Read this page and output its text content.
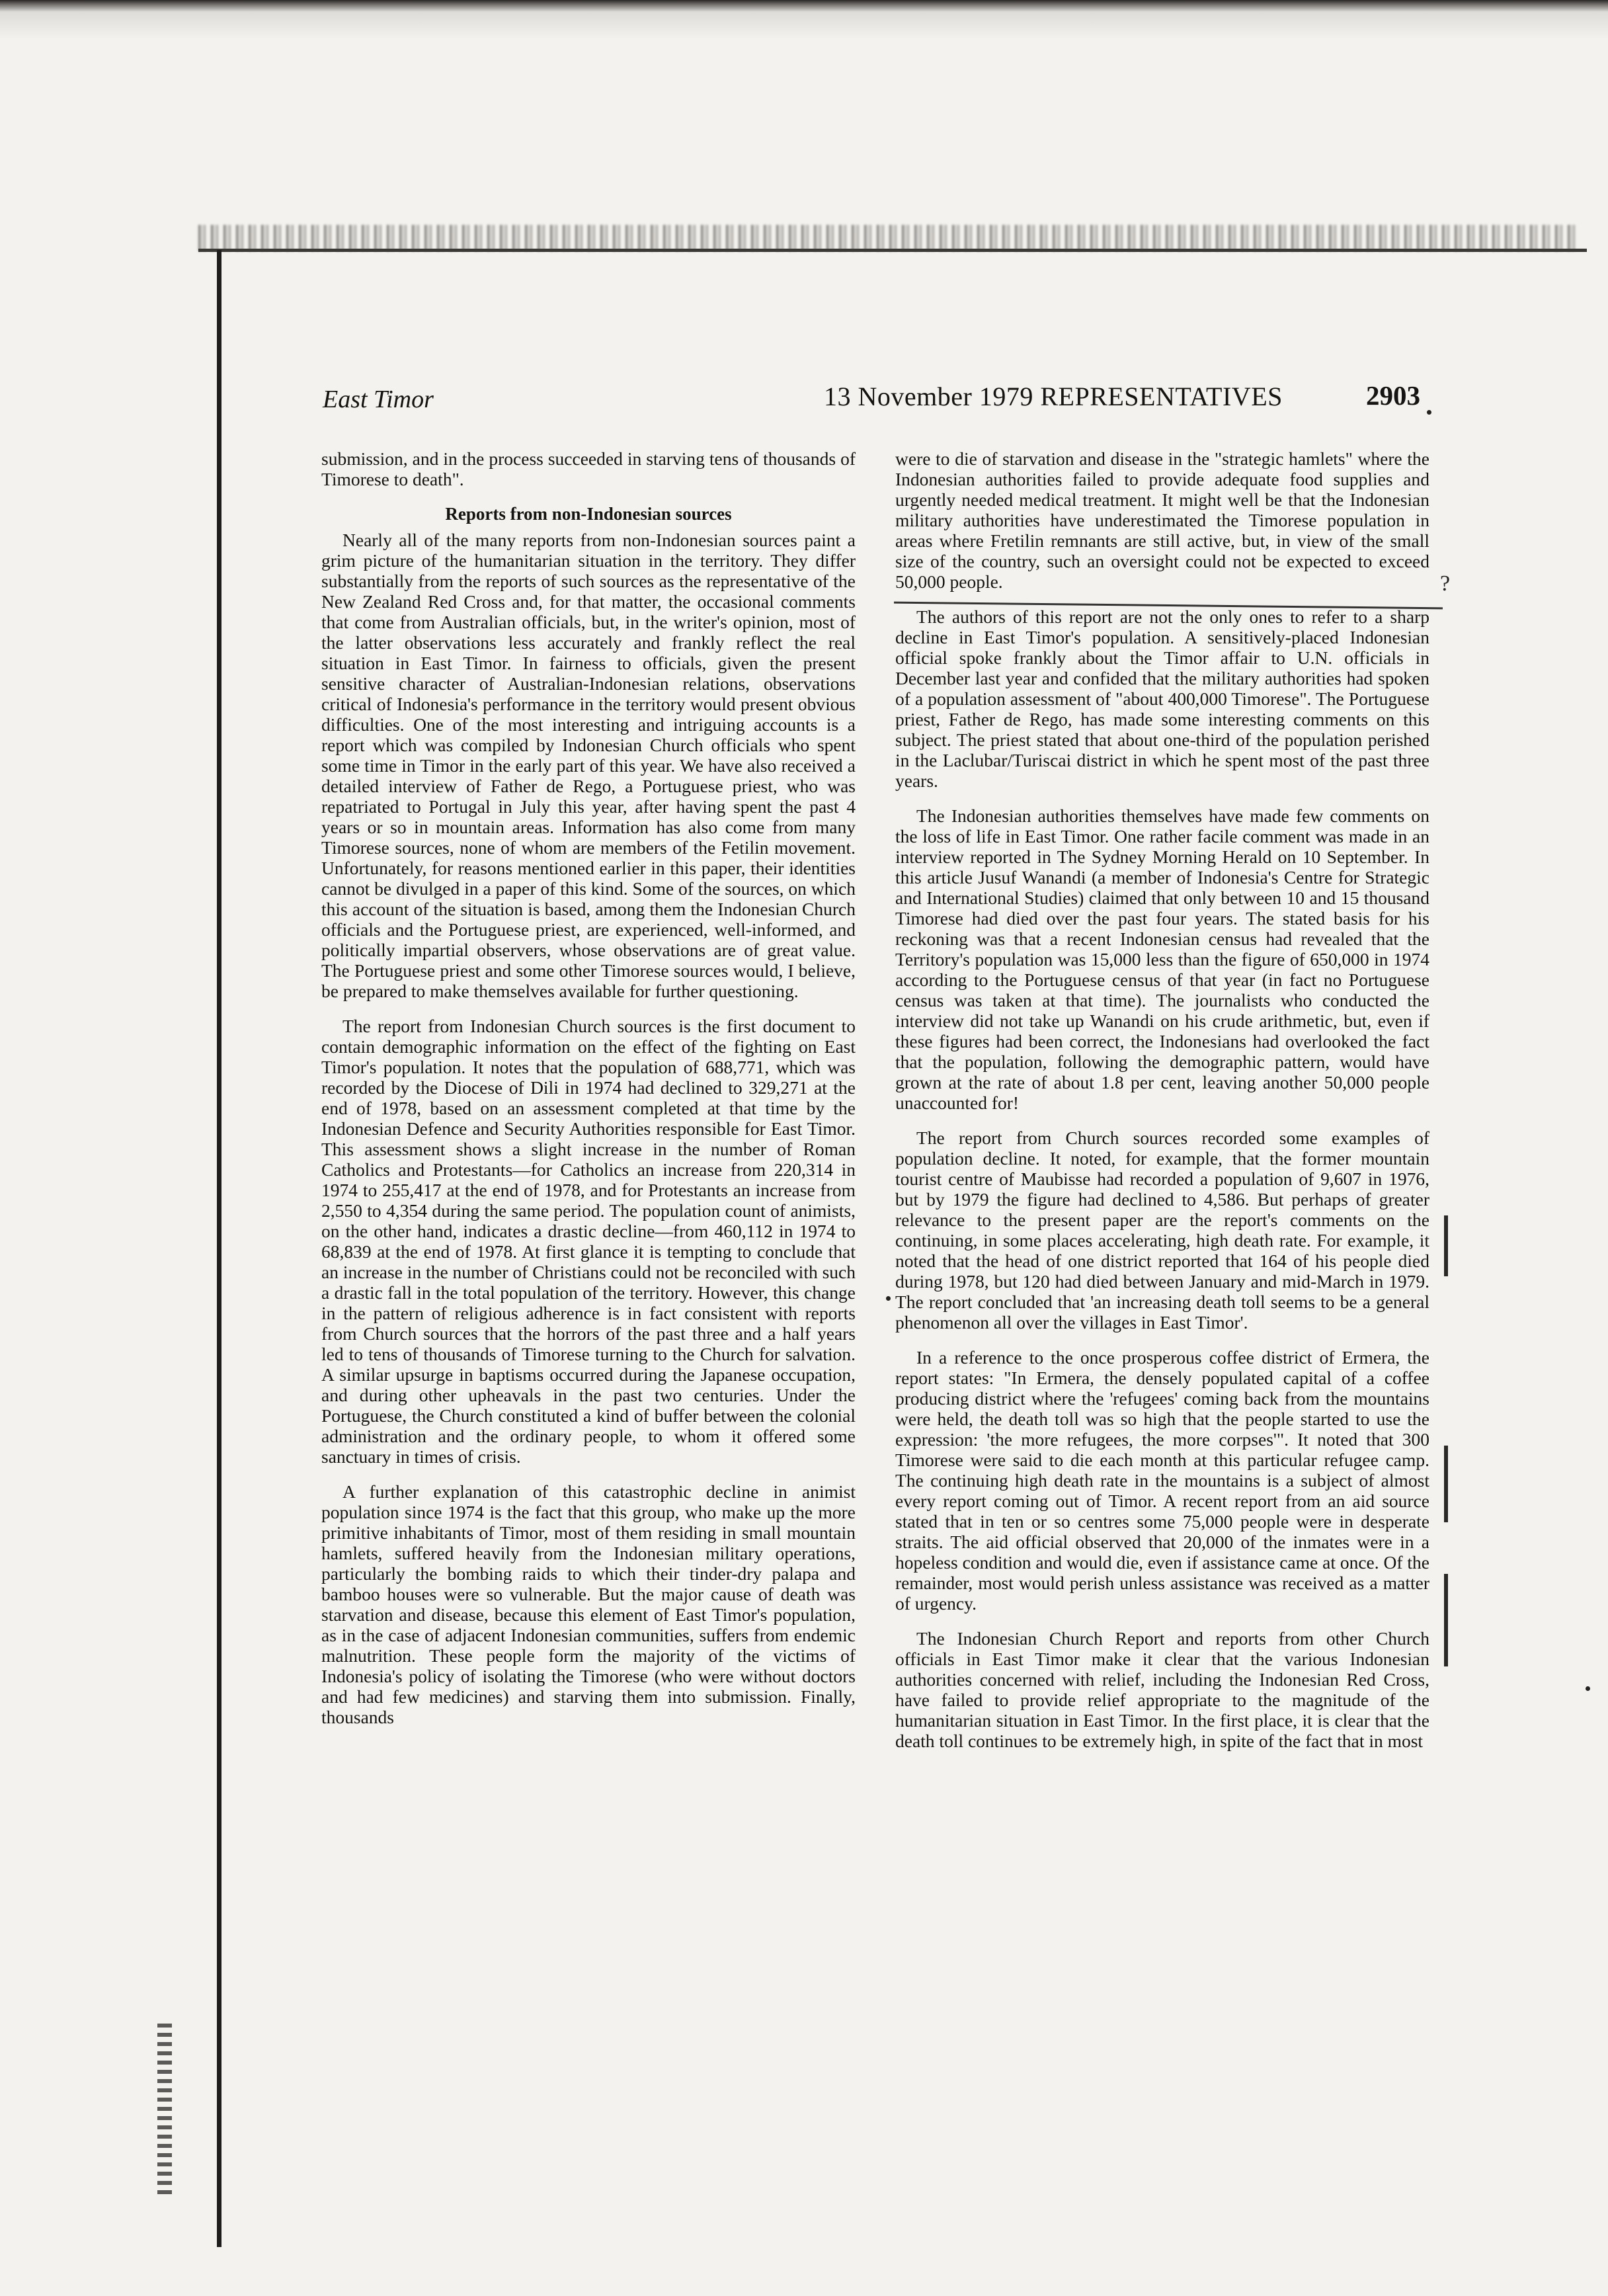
East Timor	13 November 1979 REPRESENTATIVES	2903

submission, and in the process succeeded in starving tens of thousands of Timorese to death".

Reports from non-Indonesian sources

Nearly all of the many reports from non-Indonesian sources paint a grim picture of the humanitarian situation in the territory. They differ substantially from the reports of such sources as the representative of the New Zealand Red Cross and, for that matter, the occasional comments that come from Australian officials, but, in the writer's opinion, most of the latter observations less accurately and frankly reflect the real situation in East Timor. In fairness to officials, given the present sensitive character of Australian-Indonesian relations, observations critical of Indonesia's performance in the territory would present obvious difficulties. One of the most interesting and intriguing accounts is a report which was compiled by Indonesian Church officials who spent some time in Timor in the early part of this year. We have also received a detailed interview of Father de Rego, a Portuguese priest, who was repatriated to Portugal in July this year, after having spent the past 4 years or so in mountain areas. Information has also come from many Timorese sources, none of whom are members of the Fetilin movement. Unfortunately, for reasons mentioned earlier in this paper, their identities cannot be divulged in a paper of this kind. Some of the sources, on which this account of the situation is based, among them the Indonesian Church officials and the Portuguese priest, are experienced, well-informed, and politically impartial observers, whose observations are of great value. The Portuguese priest and some other Timorese sources would, I believe, be prepared to make themselves available for further questioning.

The report from Indonesian Church sources is the first document to contain demographic information on the effect of the fighting on East Timor's population. It notes that the population of 688,771, which was recorded by the Diocese of Dili in 1974 had declined to 329,271 at the end of 1978, based on an assessment completed at that time by the Indonesian Defence and Security Authorities responsible for East Timor. This assessment shows a slight increase in the number of Roman Catholics and Protestants—for Catholics an increase from 220,314 in 1974 to 255,417 at the end of 1978, and for Protestants an increase from 2,550 to 4,354 during the same period. The population count of animists, on the other hand, indicates a drastic decline—from 460,112 in 1974 to 68,839 at the end of 1978. At first glance it is tempting to conclude that an increase in the number of Christians could not be reconciled with such a drastic fall in the total population of the territory. However, this change in the pattern of religious adherence is in fact consistent with reports from Church sources that the horrors of the past three and a half years led to tens of thousands of Timorese turning to the Church for salvation. A similar upsurge in baptisms occurred during the Japanese occupation, and during other upheavals in the past two centuries. Under the Portuguese, the Church constituted a kind of buffer between the colonial administration and the ordinary people, to whom it offered some sanctuary in times of crisis.

A further explanation of this catastrophic decline in animist population since 1974 is the fact that this group, who make up the more primitive inhabitants of Timor, most of them residing in small mountain hamlets, suffered heavily from the Indonesian military operations, particularly the bombing raids to which their tinder-dry palapa and bamboo houses were so vulnerable. But the major cause of death was starvation and disease, because this element of East Timor's population, as in the case of adjacent Indonesian communities, suffers from endemic malnutrition. These people form the majority of the victims of Indonesia's policy of isolating the Timorese (who were without doctors and had few medicines) and starving them into submission. Finally, thousands

were to die of starvation and disease in the "strategic hamlets" where the Indonesian authorities failed to provide adequate food supplies and urgently needed medical treatment. It might well be that the Indonesian military authorities have underestimated the Timorese population in areas where Fretilin remnants are still active, but, in view of the small size of the country, such an oversight could not be expected to exceed 50,000 people.

The authors of this report are not the only ones to refer to a sharp decline in East Timor's population. A sensitively-placed Indonesian official spoke frankly about the Timor affair to U.N. officials in December last year and confided that the military authorities had spoken of a population assessment of "about 400,000 Timorese". The Portuguese priest, Father de Rego, has made some interesting comments on this subject. The priest stated that about one-third of the population perished in the Laclubar/Turiscai district in which he spent most of the past three years.

The Indonesian authorities themselves have made few comments on the loss of life in East Timor. One rather facile comment was made in an interview reported in The Sydney Morning Herald on 10 September. In this article Jusuf Wanandi (a member of Indonesia's Centre for Strategic and International Studies) claimed that only between 10 and 15 thousand Timorese had died over the past four years. The stated basis for his reckoning was that a recent Indonesian census had revealed that the Territory's population was 15,000 less than the figure of 650,000 in 1974 according to the Portuguese census of that year (in fact no Portuguese census was taken at that time). The journalists who conducted the interview did not take up Wanandi on his crude arithmetic, but, even if these figures had been correct, the Indonesians had overlooked the fact that the population, following the demographic pattern, would have grown at the rate of about 1.8 per cent, leaving another 50,000 people unaccounted for!

The report from Church sources recorded some examples of population decline. It noted, for example, that the former mountain tourist centre of Maubisse had recorded a population of 9,607 in 1976, but by 1979 the figure had declined to 4,586. But perhaps of greater relevance to the present paper are the report's comments on the continuing, in some places accelerating, high death rate. For example, it noted that the head of one district reported that 164 of his people died during 1978, but 120 had died between January and mid-March in 1979. The report concluded that 'an increasing death toll seems to be a general phenomenon all over the villages in East Timor'.

In a reference to the once prosperous coffee district of Ermera, the report states: "In Ermera, the densely populated capital of a coffee producing district where the 'refugees' coming back from the mountains were held, the death toll was so high that the people started to use the expression: 'the more refugees, the more corpses'". It noted that 300 Timorese were said to die each month at this particular refugee camp. The continuing high death rate in the mountains is a subject of almost every report coming out of Timor. A recent report from an aid source stated that in ten or so centres some 75,000 people were in desperate straits. The aid official observed that 20,000 of the inmates were in a hopeless condition and would die, even if assistance came at once. Of the remainder, most would perish unless assistance was received as a matter of urgency.

The Indonesian Church Report and reports from other Church officials in East Timor make it clear that the various Indonesian authorities concerned with relief, including the Indonesian Red Cross, have failed to provide relief appropriate to the magnitude of the humanitarian situation in East Timor. In the first place, it is clear that the death toll continues to be extremely high, in spite of the fact that in most

?
